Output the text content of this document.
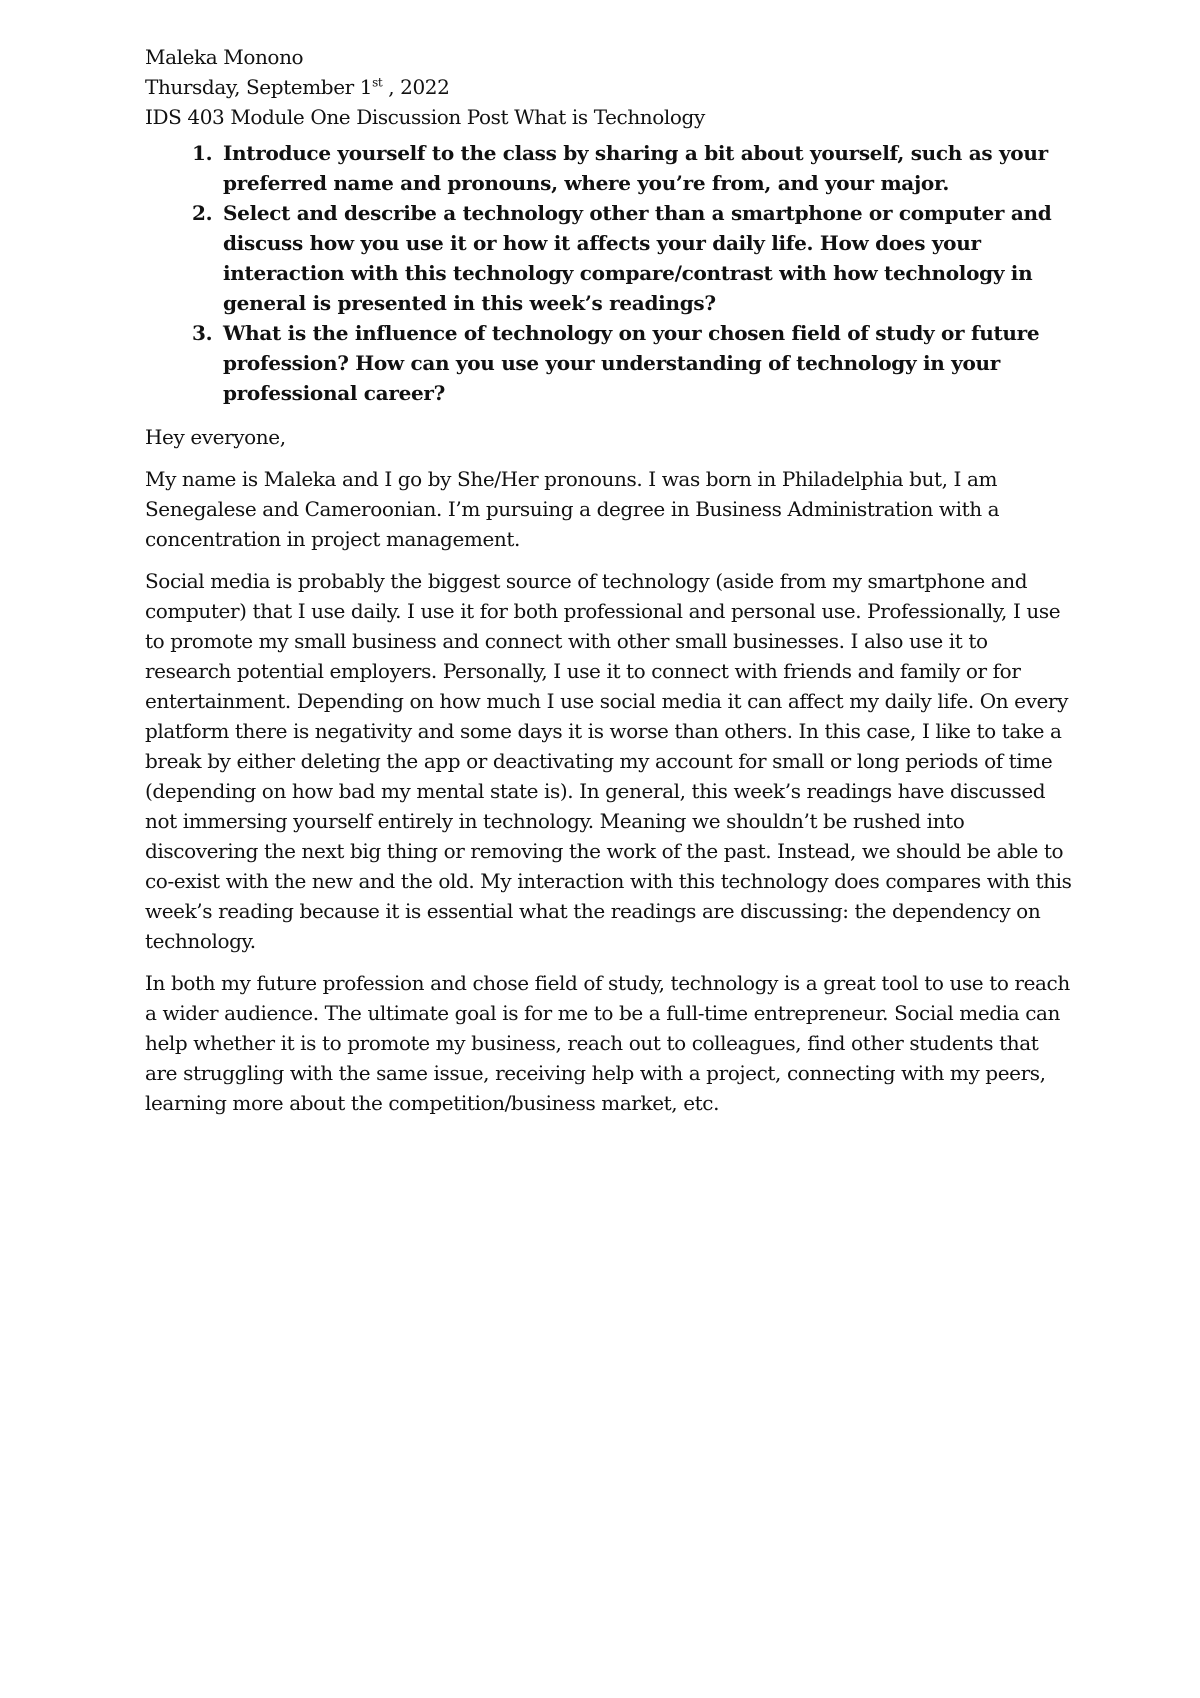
Maleka Monono
Thursday, September 1st , 2022
IDS 403 Module One Discussion Post What is Technology
1. Introduce yourself to the class by sharing a bit about yourself, such as your preferred name and pronouns, where you’re from, and your major.
2. Select and describe a technology other than a smartphone or computer and discuss how you use it or how it affects your daily life. How does your interaction with this technology compare/contrast with how technology in general is presented in this week’s readings?
3. What is the influence of technology on your chosen field of study or future profession? How can you use your understanding of technology in your professional career?

Hey everyone,

My name is Maleka and I go by She/Her pronouns. I was born in Philadelphia but, I am Senegalese and Cameroonian. I’m pursuing a degree in Business Administration with a concentration in project management.

Social media is probably the biggest source of technology (aside from my smartphone and computer) that I use daily. I use it for both professional and personal use. Professionally, I use to promote my small business and connect with other small businesses. I also use it to research potential employers. Personally, I use it to connect with friends and family or for entertainment. Depending on how much I use social media it can affect my daily life. On every platform there is negativity and some days it is worse than others. In this case, I like to take a break by either deleting the app or deactivating my account for small or long periods of time (depending on how bad my mental state is). In general, this week’s readings have discussed not immersing yourself entirely in technology. Meaning we shouldn’t be rushed into discovering the next big thing or removing the work of the past. Instead, we should be able to co-exist with the new and the old. My interaction with this technology does compares with this week’s reading because it is essential what the readings are discussing: the dependency on technology.

In both my future profession and chose field of study, technology is a great tool to use to reach a wider audience. The ultimate goal is for me to be a full-time entrepreneur. Social media can help whether it is to promote my business, reach out to colleagues, find other students that are struggling with the same issue, receiving help with a project, connecting with my peers, learning more about the competition/business market, etc.
